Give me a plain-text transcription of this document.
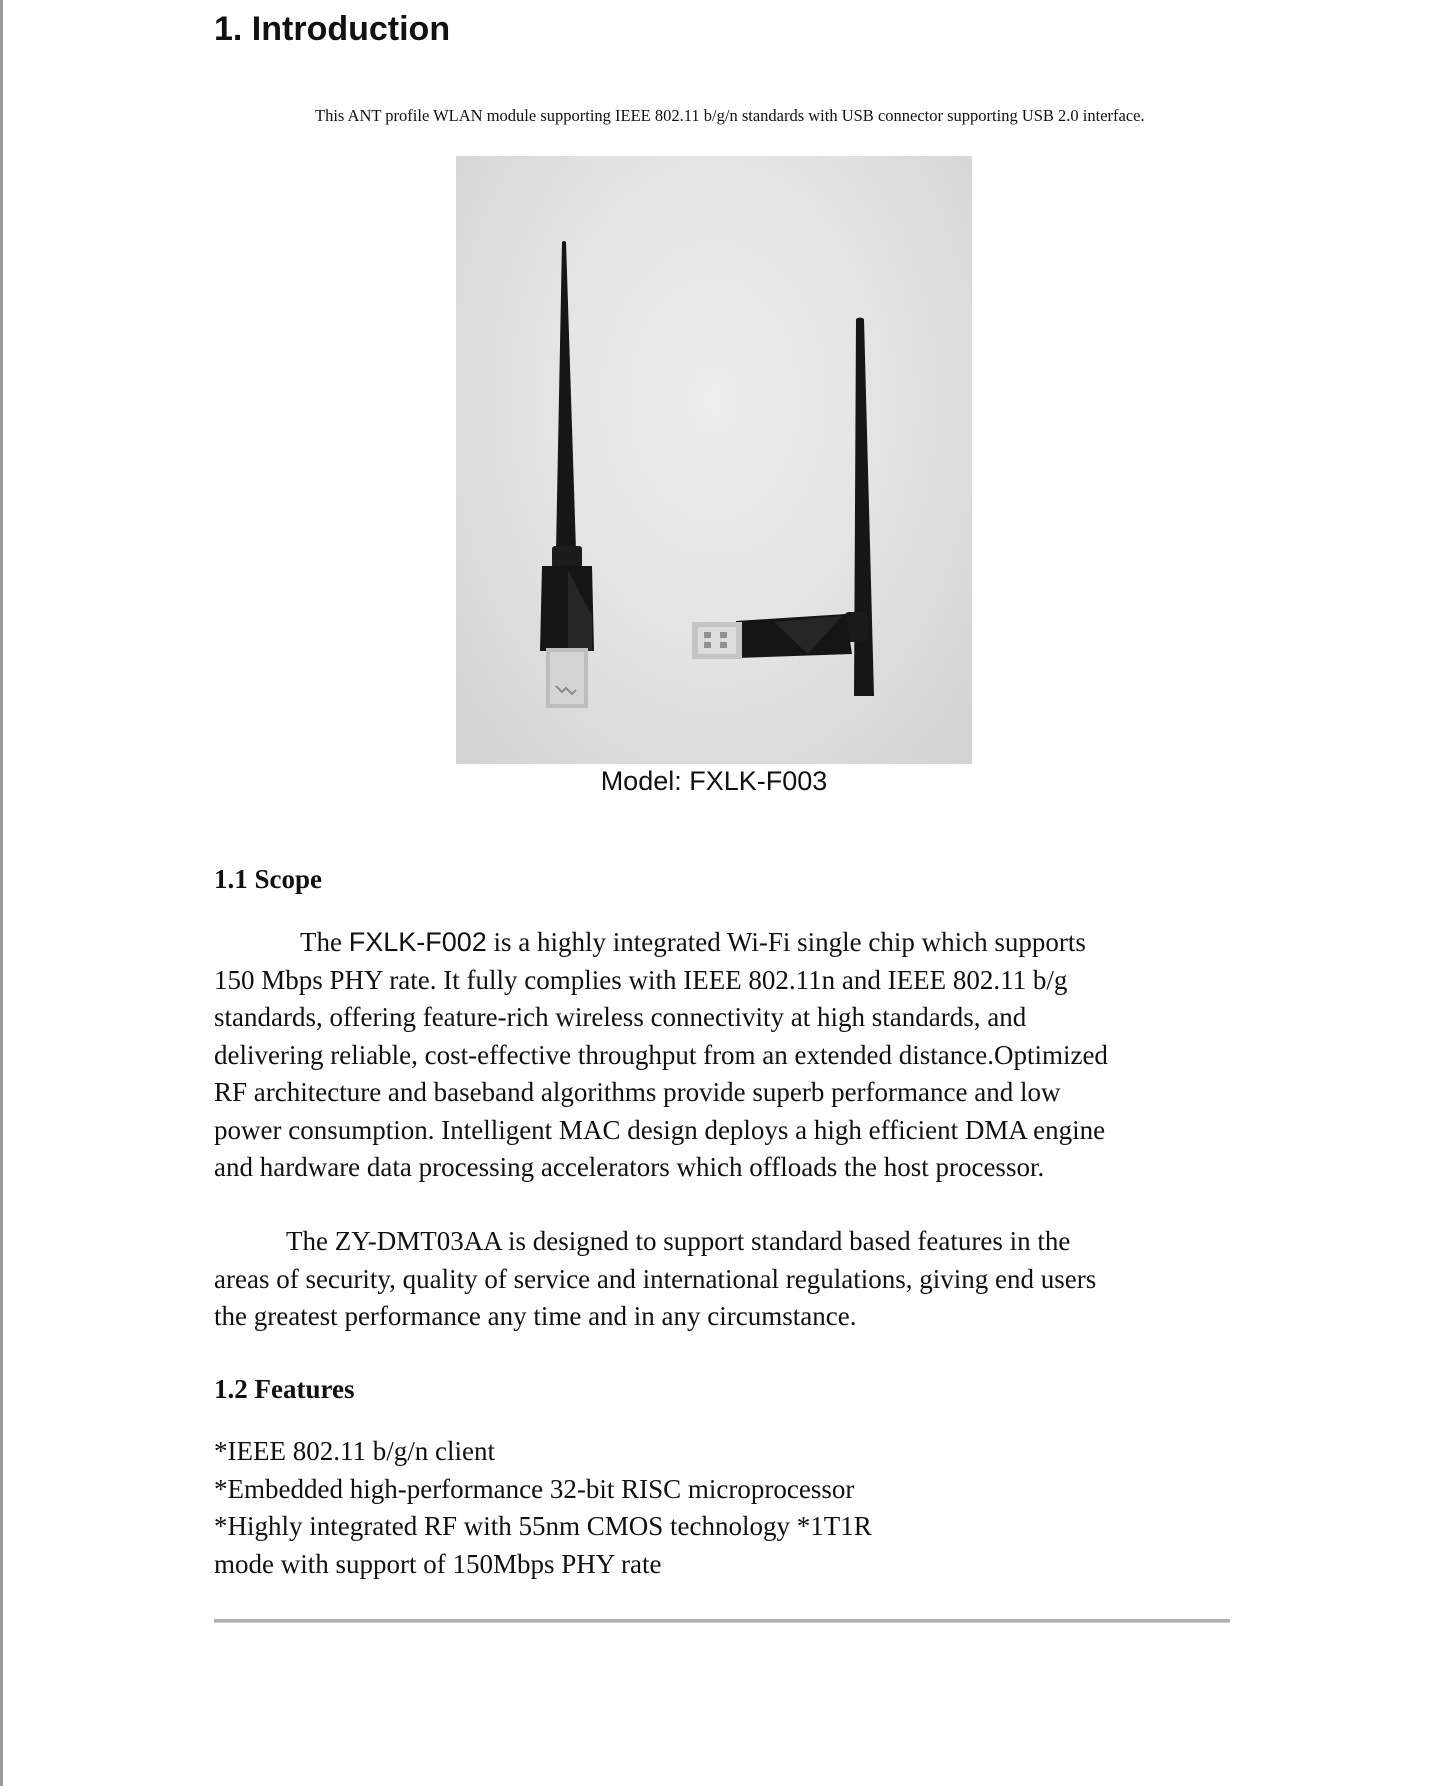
1. Introduction
This ANT profile WLAN module supporting IEEE 802.11 b/g/n standards with USB connector supporting USB 2.0 interface.
Model: FXLK-F003
1.1 Scope
The FXLK-F002 is a highly integrated Wi-Fi single chip which supports
150 Mbps PHY rate. It fully complies with IEEE 802.11n and IEEE 802.11 b/g
standards, offering feature-rich wireless connectivity at high standards, and
delivering reliable, cost-effective throughput from an extended distance.Optimized
RF architecture and baseband algorithms provide superb performance and low
power consumption. Intelligent MAC design deploys a high efficient DMA engine
and hardware data processing accelerators which offloads the host processor.
The ZY-DMT03AA is designed to support standard based features in the
areas of security, quality of service and international regulations, giving end users
the greatest performance any time and in any circumstance.
1.2 Features
*IEEE 802.11 b/g/n client
*Embedded high-performance 32-bit RISC microprocessor
*Highly integrated RF with 55nm CMOS technology *1T1R
mode with support of 150Mbps PHY rate
